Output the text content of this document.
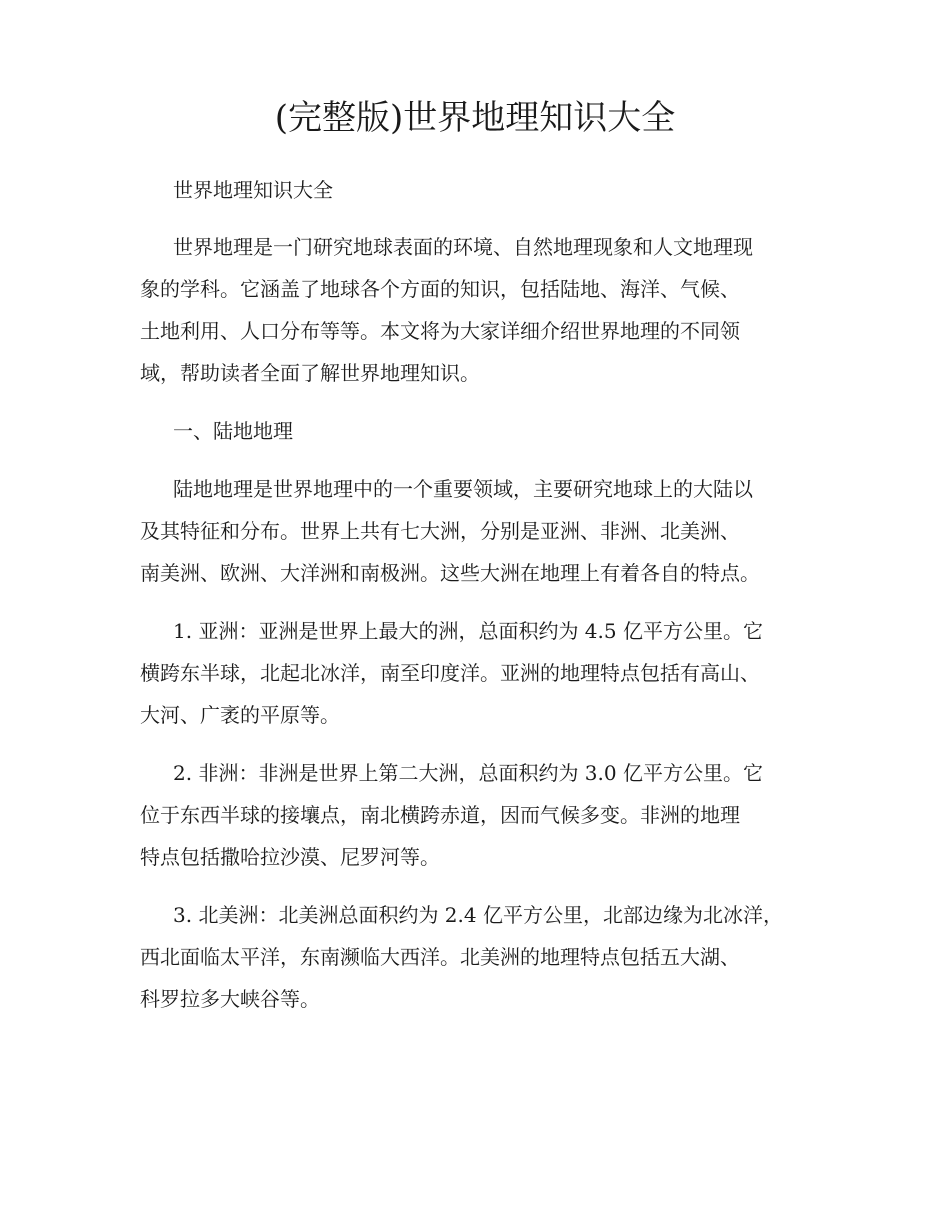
(完整版)世界地理知识大全

世界地理知识大全

世界地理是一门研究地球表面的环境、自然地理现象和人文地理现

象的学科。它涵盖了地球各个方面的知识，包括陆地、海洋、气候、

土地利用、人口分布等等。本文将为大家详细介绍世界地理的不同领

域，帮助读者全面了解世界地理知识。

一、陆地地理

陆地地理是世界地理中的一个重要领域，主要研究地球上的大陆以

及其特征和分布。世界上共有七大洲，分别是亚洲、非洲、北美洲、

南美洲、欧洲、大洋洲和南极洲。这些大洲在地理上有着各自的特点。

1. 亚洲：亚洲是世界上最大的洲，总面积约为 4.5 亿平方公里。它

横跨东半球，北起北冰洋，南至印度洋。亚洲的地理特点包括有高山、

大河、广袤的平原等。

2. 非洲：非洲是世界上第二大洲，总面积约为 3.0 亿平方公里。它

位于东西半球的接壤点，南北横跨赤道，因而气候多变。非洲的地理

特点包括撒哈拉沙漠、尼罗河等。

3. 北美洲：北美洲总面积约为 2.4 亿平方公里，北部边缘为北冰洋，

西北面临太平洋，东南濒临大西洋。北美洲的地理特点包括五大湖、

科罗拉多大峡谷等。
